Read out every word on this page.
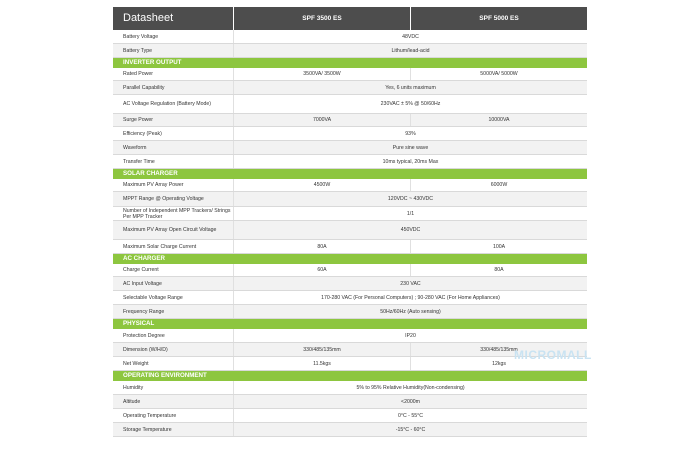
Datasheet	SPF 3500 ES	SPF 5000 ES
Battery Voltage	48VDC
Battery Type	Lithum/lead-acid
INVERTER OUTPUT
Rated Power	3500VA/ 3500W	5000VA/ 5000W
Parallel Capability	Yes, 6 units maximum
AC Voltage Regulation (Battery Mode)	230VAC ± 5% @ 50/60Hz
Surge Power	7000VA	10000VA
Efficiency (Peak)	93%
Waveform	Pure sine wave
Transfer Time	10ms typical, 20ms Max
SOLAR CHARGER
Maximum PV Array Power	4500W	6000W
MPPT Range @ Operating Voltage	120VDC ~ 430VDC
Number of Independent MPP Trackers/ Strings Per MPP Tracker	1/1
Maximum PV Array Open Circuit Voltage	450VDC
Maximum Solar Charge Current	80A	100A
AC CHARGER
Charge Current	60A	80A
AC Input Voltage	230 VAC
Selectable Voltage Range	170-280 VAC (For Personal Computers) ; 90-280 VAC (For Home Appliances)
Frequency Range	50Hz/60Hz (Auto sensing)
PHYSICAL
Protection Degree	IP20
Dimension (W/H/D)	330/485/135mm	330/485/135mm
Net Weight	11.5kgs	12kgs
OPERATING ENVIRONMENT
Humidity	5% to 95% Relative Humidity(Non-condensing)
Altitude	<2000m
Operating Temperature	0°C - 55°C
Storage Temperature	-15°C - 60°C
MICROMALL
